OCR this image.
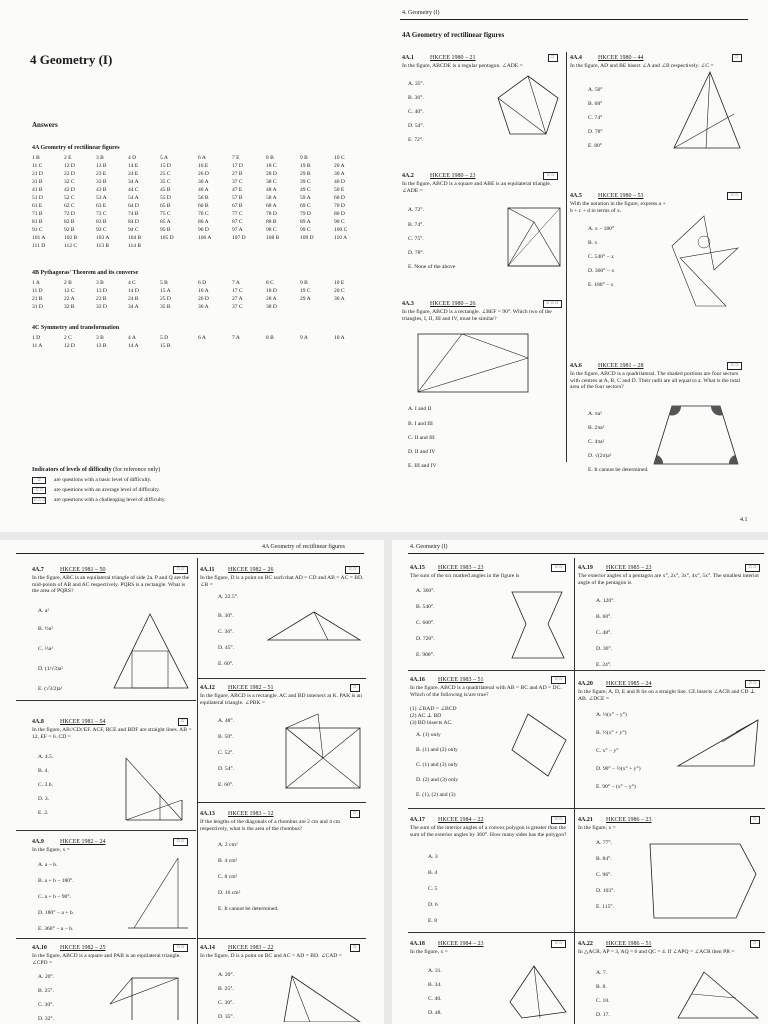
4 Geometry (I)
Answers
4A Geometry of rectilinear figures
1 B	2 E	3 B	4 D	5 A	6 A	7 E	8 B	9 B	10 C
11 C	12 D	13 B	14 E	15 D	16 E	17 D	18 C	19 B	20 A
21 D	22 D	23 E	24 E	25 C	26 D	27 B	28 D	29 B	30 A
31 B	32 C	33 B	34 A	35 C	36 A	37 C	38 C	39 C	40 D
41 B	42 D	43 B	44 C	45 B	46 A	47 E	48 A	49 C	50 E
51 D	52 C	53 A	54 A	55 D	56 B	57 B	58 A	59 A	60 D
61 E	62 C	63 E	64 D	65 B	66 B	67 B	68 A	69 C	70 D
71 B	72 D	73 C	74 B	75 C	76 C	77 C	78 D	79 D	80 D
81 B	82 B	83 B	84 D	85 A	86 A	87 C	88 B	89 A	90 C
91 C	92 B	93 C	94 C	95 B	96 D	97 A	98 C	99 C	100 C
101 A	102 B	103 A	104 B	105 D	106 A	107 D	108 B	109 D	110 A
111 D	112 C	113 B	114 B
4B Pythagoras' Theorem and its converse
1 A	2 B	3 B	4 C	5 B	6 D	7 A	8 C	9 B	10 E
11 D	12 C	13 D	14 D	15 A	16 A	17 C	18 D	19 C	20 C
21 B	22 A	23 B	24 B	25 D	26 D	27 A	28 A	29 A	30 A
31 D	32 B	33 D	34 A	35 B	36 A	37 C	38 D
4C Symmetry and transformation
1 D	2 C	3 B	4 A	5 D	6 A	7 A	8 B	9 A	10 A
11 A	12 D	13 B	14 A	15 B
Indicators of levels of difficulty (for reference only)
☆	are questions with a basic level of difficulty.
☆☆	are questions with an average level of difficulty.
☆☆☆ are questions with a challenging level of difficulty.
4. Geometry (I)
4A Geometry of rectilinear figures
4.1
4A.1	HKCEE 1980 – 21	☆
In the figure, ABCDE is a regular pentagon. ∠ADE =
A. 35°.
B. 36°.
C. 40°.
D. 54°.
E. 72°.
4A.2	HKCEE 1980 – 23	☆☆
In the figure, ABCD is a square and ABE is an equilateral triangle. ∠ADE =
A. 72°.
B. 74°.
C. 75°.
D. 78°.
E. None of the above
4A.3	HKCEE 1980 – 26	☆☆☆
In the figure, ABCD is a rectangle. ∠BEF = 90°. Which two of the triangles, I, II, III and IV, must be similar?
A. I and II
B. I and III
C. II and III
D. II and IV
E. III and IV
4A.4	HKCEE 1980 – 44	☆
In the figure, AD and BE bisect ∠A and ∠B respectively. ∠C =
A. 50°
B. 68°
C. 74°
D. 78°
E. 80°
4A.5	HKCEE 1980 – 53	☆☆
With the notation in the figure, express a + b + c + d in terms of x.
A. x − 180°
B. x
C. 540° − x
D. 360° − x
E. 180° − x
4A.6	HKCEE 1981 – 28	☆☆
In the figure, ABCD is a quadrilateral. The shaded portions are four sectors with centres at A, B, C and D. Their radii are all equal to a. What is the total area of the four sectors?
A. πa²
B. 2πa²
C. 4πa²
D. √(2π)a²
E. It cannot be determined.
4A Geometry of rectilinear figures
4A.7	HKCEE 1981 – 50	☆☆
In the figure, ABC is an equilateral triangle of side 2a. P and Q are the mid-points of AB and AC respectively. PQRS is a rectangle. What is the area of PQRS?
A. a²
B. ½a²
C. ⅔a²
D. (1/√3)a²
E. (√3/2)a²
4A.8	HKCEE 1981 – 54	☆
In the figure, AB//CD//EF. ACF, BCE and BDF are straight lines. AB = 12, EF = 6. CD =
A. 4.5.
B. 4.
C. 3.6.
D. 3.
E. 2.
4A.9	HKCEE 1982 – 24	☆☆
In the figure, x =
A. a − b.
B. a + b − 180°.
C. a + b − 90°.
D. 180° − a + b.
E. 360° − a − b.
4A.10 HKCEE 1982 – 25	☆☆
In the figure, ABCD is a square and PAB is an equilateral triangle. ∠CPD =
A. 20°.
B. 25°.
C. 30°.
D. 32°.
4A.11 HKCEE 1982 – 26	☆☆
In the figure, D is a point on BC such that AD = CD and AB = AC = BD. ∠B =
A. 22.5°.
B. 30°.
C. 36°.
D. 45°.
E. 60°.
4A.12 HKCEE 1982 – 51	☆
In the figure, ABCD is a rectangle. AC and BD intersect at K. PAK is an equilateral triangle. ∠PBK =
A. 48°.
B. 50°.
C. 52°.
D. 54°.
E. 60°.
4A.13 HKCEE 1983 – 12	☆
If the lengths of the diagonals of a rhombus are 2 cm and 4 cm respectively, what is the area of the rhombus?
A. 2 cm²
B. 4 cm²
C. 8 cm²
D. 16 cm²
E. It cannot be determined.
4A.14 HKCEE 1983 – 22	☆
In the figure, D is a point on BC and AC = AD = BD. ∠CAD =
A. 20°.
B. 25°.
C. 30°.
D. 35°.
4. Geometry (I)
4A.15 HKCEE 1983 – 23	☆☆
The sum of the six marked angles in the figure is
A. 360°.
B. 540°.
C. 600°.
D. 720°.
E. 900°.
4A.16 HKCEE 1983 – 51	☆☆
In the figure, ABCD is a quadrilateral with AB = BC and AD = DC. Which of the following is/are true?
(1) ∠BAD = ∠BCD
(2) AC ⊥ BD
(3) BD bisects AC.
A. (1) only
B. (1) and (2) only
C. (1) and (3) only
D. (2) and (3) only
E. (1), (2) and (3)
4A.17 HKCEE 1984 – 22	☆☆
The sum of the interior angles of a convex polygon is greater than the sum of the exterior angles by 360°. How many sides has the polygon?
A. 3
B. 4
C. 5
D. 6
E. 8
4A.18 HKCEE 1984 – 23	☆☆
In the figure, x =
A. 31.
B. 34.
C. 40.
D. 48.
4A.19 HKCEE 1985 – 23	☆☆
The exterior angles of a pentagon are x°, 2x°, 3x°, 4x°, 5x°. The smallest interior angle of the pentagon is
A. 120°.
B. 60°.
C. 48°.
D. 36°.
E. 24°.
4A.20 HKCEE 1985 – 24	☆☆
In the figure, A, D, E and B lie on a straight line. CE bisects ∠ACB and CD ⊥ AB. ∠DCE =
A. ½(x° − y°)
B. ½(x° + y°)
C. x° − y°
D. 90° − ½(x° + y°)
E. 90° − (x° − y°)
4A.21 HKCEE 1986 – 23	☆
In the figure, x =
A. 77°.
B. 84°.
C. 96°.
D. 103°.
E. 115°.
4A.22 HKCEE 1986 – 51	☆
In △ACR, AP = 3, AQ = 6 and QC = 4. If ∠APQ = ∠ACR then PR =
A. 7.
B. 8.
C. 10.
D. 17.
